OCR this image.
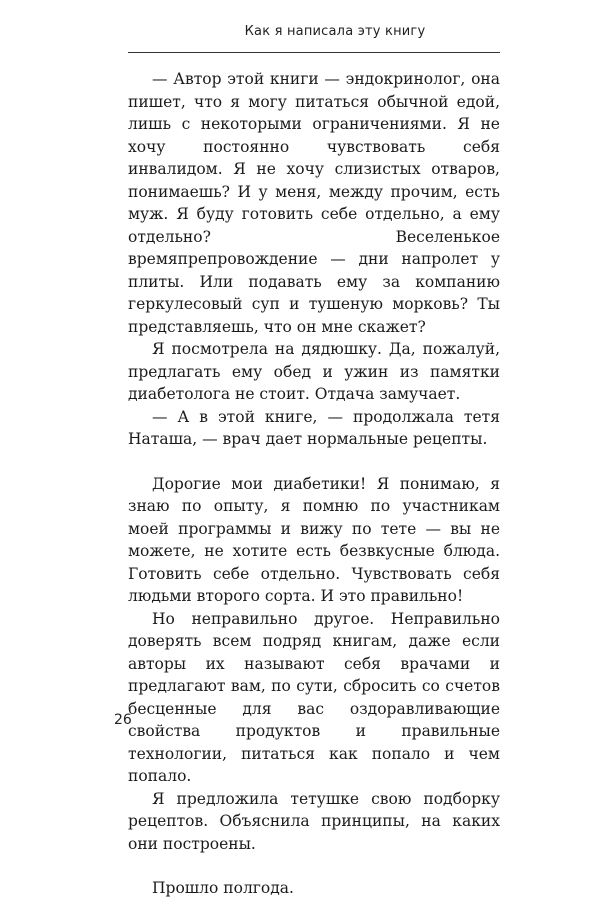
Как я написала эту книгу

— Автор этой книги — эндокринолог, она пишет, что я могу питаться обычной едой, лишь с некоторыми ограничениями. Я не хочу постоянно чувствовать себя инвалидом. Я не хочу слизистых отваров, понимаешь? И у меня, между прочим, есть муж. Я буду готовить себе отдельно, а ему отдельно? Веселенькое времяпрепровождение — дни напролет у плиты. Или подавать ему за компанию геркулесовый суп и тушеную морковь? Ты представляешь, что он мне скажет?

Я посмотрела на дядюшку. Да, пожалуй, предлагать ему обед и ужин из памятки диабетолога не стоит. Отдача замучает.

— А в этой книге, — продолжала тетя Наташа, — врач дает нормальные рецепты.

Дорогие мои диабетики! Я понимаю, я знаю по опыту, я помню по участникам моей программы и вижу по тете — вы не можете, не хотите есть безвкусные блюда. Готовить себе отдельно. Чувствовать себя людьми второго сорта. И это правильно!

Но неправильно другое. Неправильно доверять всем подряд книгам, даже если авторы их называют себя врачами и предлагают вам, по сути, сбросить со счетов бесценные для вас оздоравливающие свойства продуктов и правильные технологии, питаться как попало и чем попало.

Я предложила тетушке свою подборку рецептов. Объяснила принципы, на каких они построены.

Прошло полгода.

26
